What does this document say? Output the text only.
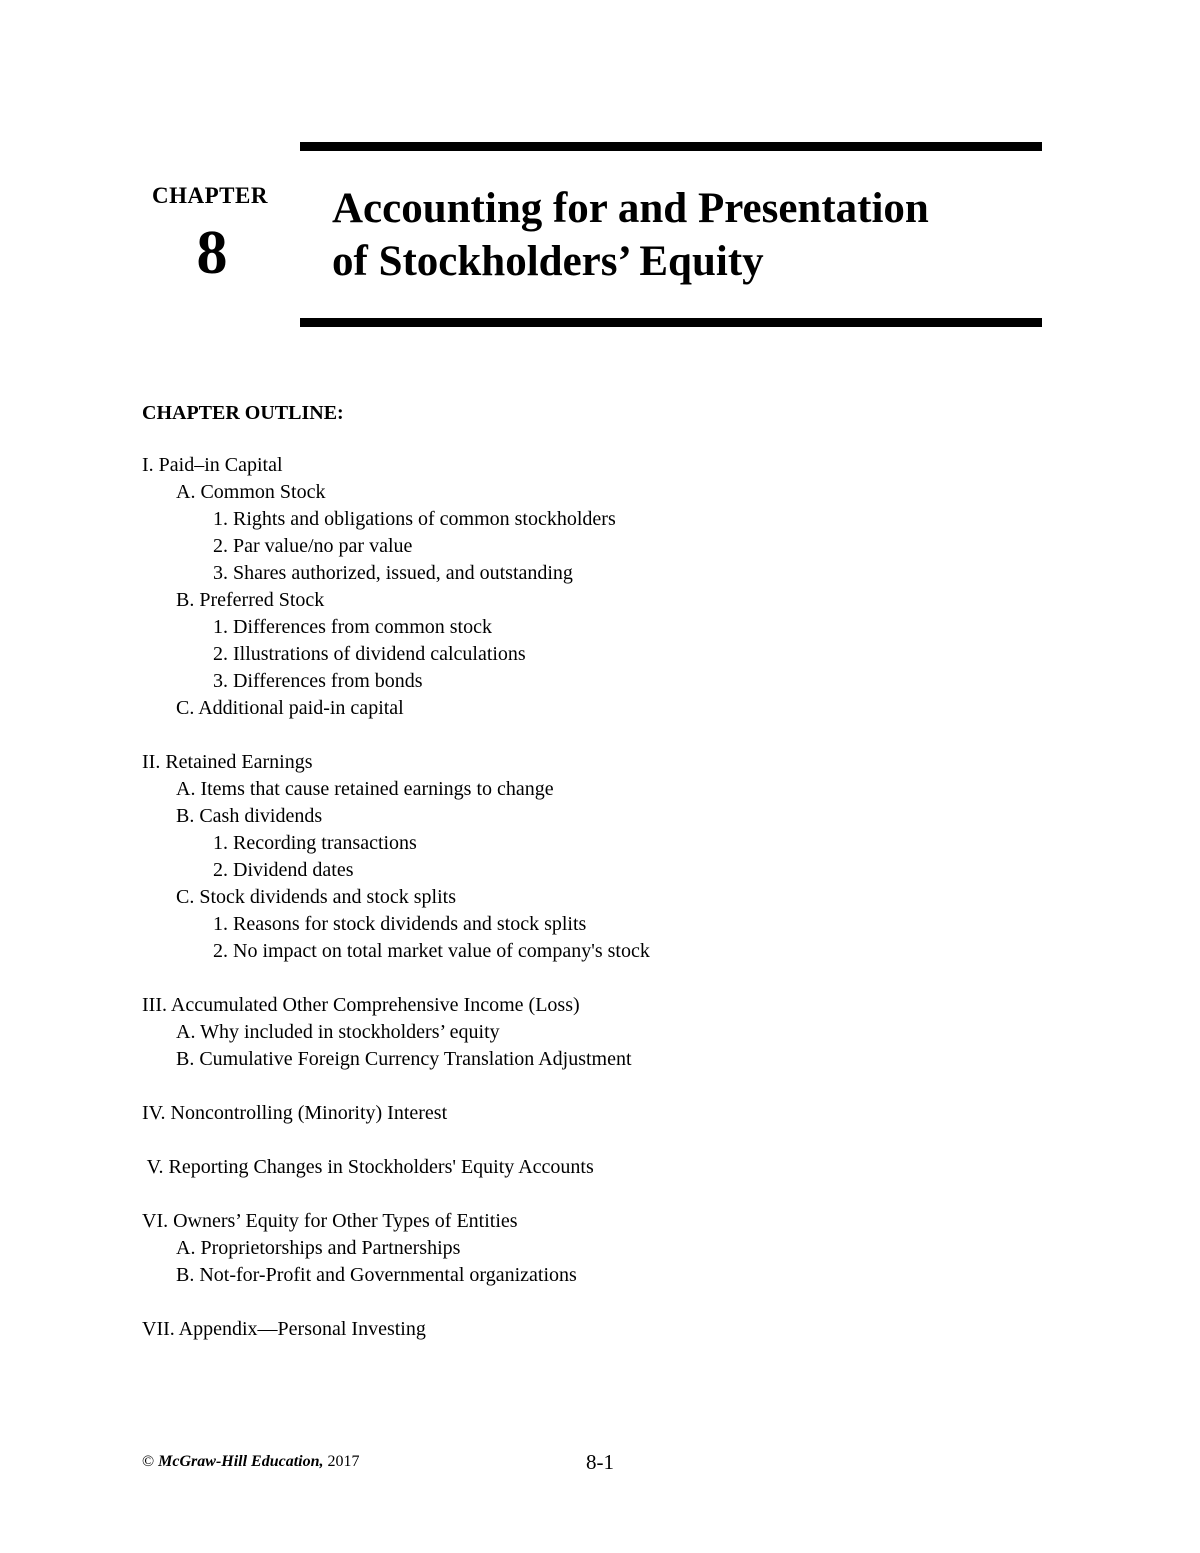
CHAPTER
8
Accounting for and Presentation
of Stockholders’ Equity
CHAPTER OUTLINE:
I. Paid–in Capital
A. Common Stock
1. Rights and obligations of common stockholders
2. Par value/no par value
3. Shares authorized, issued, and outstanding
B. Preferred Stock
1. Differences from common stock
2. Illustrations of dividend calculations
3. Differences from bonds
C. Additional paid-in capital
II. Retained Earnings
A. Items that cause retained earnings to change
B. Cash dividends
1. Recording transactions
2. Dividend dates
C. Stock dividends and stock splits
1. Reasons for stock dividends and stock splits
2. No impact on total market value of company's stock
III. Accumulated Other Comprehensive Income (Loss)
A. Why included in stockholders’ equity
B. Cumulative Foreign Currency Translation Adjustment
IV. Noncontrolling (Minority) Interest
V. Reporting Changes in Stockholders' Equity Accounts
VI. Owners’ Equity for Other Types of Entities
A. Proprietorships and Partnerships
B. Not-for-Profit and Governmental organizations
VII. Appendix—Personal Investing
© McGraw-Hill Education, 2017	8-1
